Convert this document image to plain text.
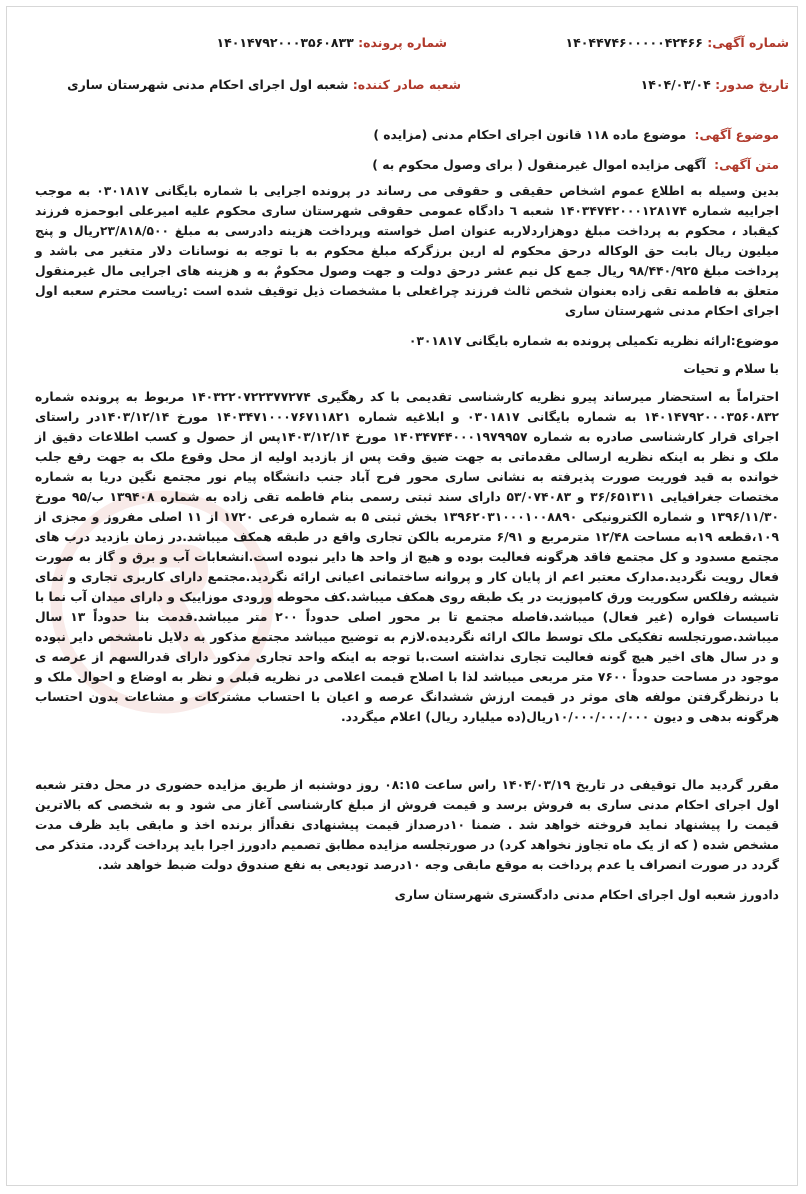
شماره آگهی: ۱۴۰۴۴۷۴۶۰۰۰۰۰۴۲۴۶۶
شماره پرونده: ۱۴۰۱۴۷۹۲۰۰۰۳۵۶۰۸۳۳
تاریخ صدور: ۱۴۰۴/۰۳/۰۴
شعبه صادر کننده: شعبه اول اجرای احکام مدنی شهرستان ساری
موضوع آگهی: موضوع ماده ۱۱۸ قانون اجرای احکام مدنی (مزایده )
متن آگهی: آگهی مزایده اموال غیرمنقول ( برای وصول محکوم به )

بدین وسیله به اطلاع عموم اشخاص حقیقی و حقوقی می رساند در پرونده اجرایی با شماره بایگانی ۰۳۰۱۸۱۷ به موجب اجراییه شماره ۱۴۰۳۴۷۴۲۰۰۰۱۲۸۱۷۴ شعبه ٦ دادگاه عمومی حقوقی شهرستان ساری محکوم علیه امیرعلی ابوحمزه فرزند کیقباد ، محکوم به پرداخت مبلغ دوهزاردلاربه عنوان اصل خواسته وپرداخت هزینه دادرسی به مبلغ ۲۳/۸۱۸/۵۰۰ریال و پنج میلیون ریال بابت حق الوکاله درحق محکوم له ارین برزگرکه مبلغ محکوم به با توجه به نوسانات دلار متغیر می باشد و پرداخت مبلغ ۹۸/۴۴۰/۹۲۵ ریال جمع کل نیم عشر درحق دولت و جهت وصول محکومٌ به و هزینه های اجرایی مال غیرمنقول متعلق به فاطمه تقی زاده بعنوان شخص ثالث فرزند چراغعلی با مشخصات ذیل توقیف شده است :ریاست محترم سعبه اول اجرای احکام مدنی شهرستان ساری

موضوع:ارائه نظریه تکمیلی پرونده به شماره بایگانی ۰۳۰۱۸۱۷

با سلام و تحیات

احتراماً به استحضار میرساند پیرو نظریه کارشناسی تقدیمی با کد رهگیری ۱۴۰۳۲۲۰۷۲۲۳۷۷۲۷۴ مربوط به پرونده شماره ۱۴۰۱۴۷۹۲۰۰۰۳۵۶۰۸۳۲ به شماره بایگانی ۰۳۰۱۸۱۷ و ابلاغیه شماره ۱۴۰۳۴۷۱۰۰۰۷۶۷۱۱۸۲۱ مورخ ۱۴۰۳/۱۲/۱۴در راستای اجرای قرار کارشناسی صادره به شماره ۱۴۰۳۴۷۴۴۰۰۰۱۹۷۹۹۵۷ مورخ ۱۴۰۳/۱۲/۱۴پس از حصول و کسب اطلاعات دقیق از ملک و نظر به اینکه نظریه ارسالی مقدماتی به جهت ضیق وقت پس از بازدید اولیه از محل وقوع ملک به جهت رفع جلب خوانده به قید فوریت صورت پذیرفته به نشانی ساری محور فرح آباد جنب دانشگاه پیام نور مجتمع نگین دریا به شماره مختصات جغرافیایی ۳۶/۶۵۱۳۱۱ و ۵۳/۰۷۴۰۸۳ دارای سند ثبتی رسمی بنام فاطمه تقی زاده به شماره ۱۳۹۴۰۸ ب/۹۵ مورخ ۱۳۹۶/۱۱/۳۰ و شماره الکترونیکی ۱۳۹۶۲۰۳۱۰۰۰۱۰۰۸۸۹۰ بخش ثبتی ۵ به شماره فرعی ۱۷۲۰ از ۱۱ اصلی مفروز و مجزی از ۱۰۹،قطعه ۱۹به مساحت ۱۲/۴۸ مترمربع و ۶/۹۱ مترمربه بالکن تجاری واقع در طبقه همکف میباشد.در زمان بازدید درب های مجتمع مسدود و کل مجتمع فاقد هرگونه فعالیت بوده و هیچ از واحد ها دایر نبوده است.انشعابات آب و برق و گاز به صورت فعال رویت نگردید.مدارک معتبر اعم از پایان کار و پروانه ساختمانی اعیانی ارائه نگردید.مجتمع دارای کاربری تجاری و نمای شیشه رفلکس سکوریت ورق کامپوزیت در یک طبقه روی همکف میباشد.کف محوطه ورودی موزاییک و دارای میدان آب نما با تاسیسات فواره (غیر فعال) میباشد.فاصله مجتمع تا بر محور اصلی حدوداً ۲۰۰ متر میباشد.قدمت بنا حدوداً ۱۳ سال میباشد.صورتجلسه تفکیکی ملک توسط مالک ارائه نگردیده.لازم به توضیح میباشد مجتمع مذکور به دلایل نامشخص دایر نبوده و در سال های اخیر هیچ گونه فعالیت تجاری نداشته است.با توجه به اینکه واحد تجاری مذکور دارای قدرالسهم از عرصه ی موجود در مساحت حدوداً ۷۶۰۰ متر مربعی میباشد لذا با اصلاح قیمت اعلامی در نظریه قبلی و نظر به اوضاع و احوال ملک و با درنظرگرفتن مولفه های موثر در قیمت ارزش ششدانگ عرصه و اعیان با احتساب مشترکات و مشاعات بدون احتساب هرگونه بدهی و دیون ۱۰/۰۰۰/۰۰۰/۰۰۰ریال(ده میلیارد ریال) اعلام میگردد.

مقرر گردید مال توقیفی در تاریخ ۱۴۰۴/۰۳/۱۹ راس ساعت ۰۸:۱۵ روز دوشنبه از طریق مزایده حضوری در محل دفتر شعبه اول اجرای احکام مدنی ساری به فروش برسد و قیمت فروش از مبلغ کارشناسی آغاز می شود و به شخصی که بالاترین قیمت را پیشنهاد نماید فروخته خواهد شد . ضمنا ۱۰درصداز قیمت پیشنهادی نقداًاز برنده اخذ و مابقی باید ظرف مدت مشخص شده ( که از یک ماه تجاوز نخواهد کرد) در صورتجلسه مزایده مطابق تصمیم دادورز اجرا باید پرداخت گردد. متذکر می گردد در صورت انصراف یا عدم پرداخت به موقع مابقی وجه ۱۰درصد تودیعی به نفع صندوق دولت ضبط خواهد شد.

دادورز شعبه اول اجرای احکام مدنی دادگستری شهرستان ساری
